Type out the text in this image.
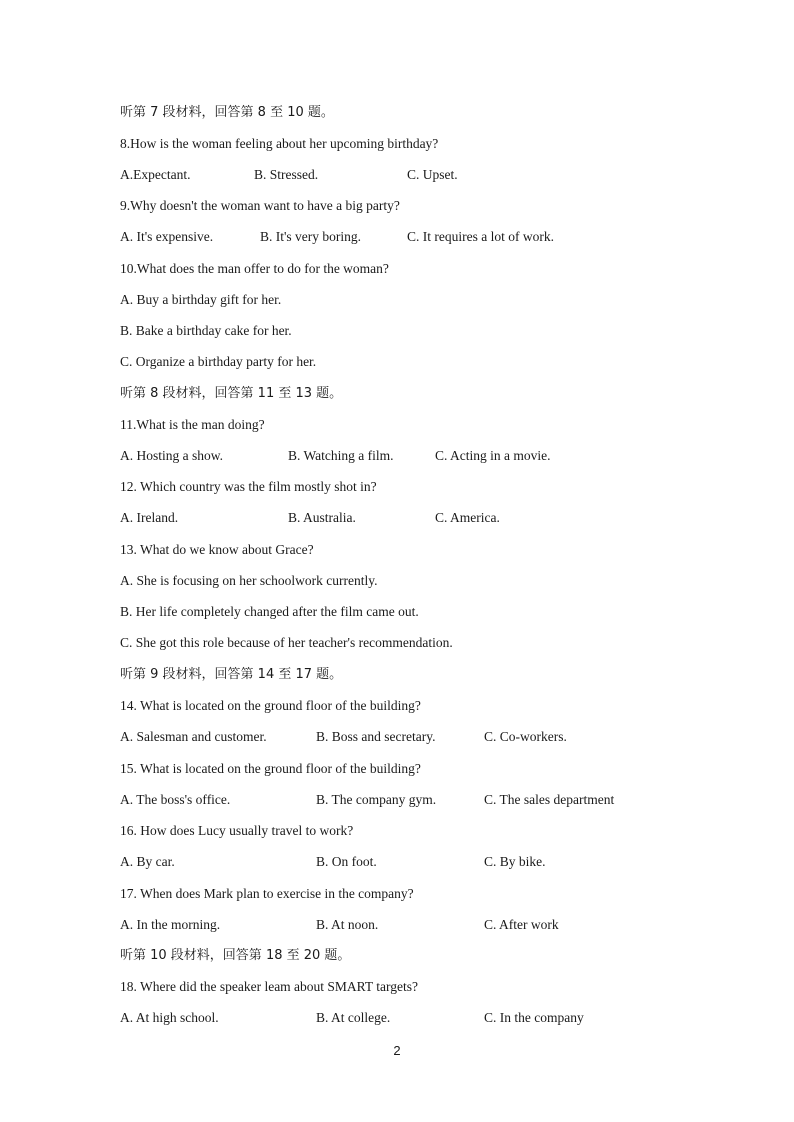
听第 7 段材料，回答第 8 至 10 题。
8.How is the woman feeling about her upcoming birthday?
A.Expectant.	B. Stressed.	C. Upset.
9.Why doesn't the woman want to have a big party?
A. It's expensive.	B. It's very boring.	C. It requires a lot of work.
10.What does the man offer to do for the woman?
A. Buy a birthday gift for her.
B. Bake a birthday cake for her.
C. Organize a birthday party for her.
听第 8 段材料，回答第 11 至 13 题。
11.What is the man doing?
A. Hosting a show.	B. Watching a film.	C. Acting in a movie.
12. Which country was the film mostly shot in?
A. Ireland.	B. Australia.	C. America.
13. What do we know about Grace?
A. She is focusing on her schoolwork currently.
B. Her life completely changed after the film came out.
C. She got this role because of her teacher's recommendation.
听第 9 段材料，回答第 14 至 17 题。
14. What is located on the ground floor of the building?
A. Salesman and customer.	B. Boss and secretary.	C. Co-workers.
15. What is located on the ground floor of the building?
A. The boss's office.	B. The company gym.	C. The sales department
16. How does Lucy usually travel to work?
A. By car.	B. On foot.	C. By bike.
17. When does Mark plan to exercise in the company?
A. In the morning.	B. At noon.	C. After work
听第 10 段材料，回答第 18 至 20 题。
18. Where did the speaker leam about SMART targets?
A. At high school.	B. At college.	C. In the company
2
